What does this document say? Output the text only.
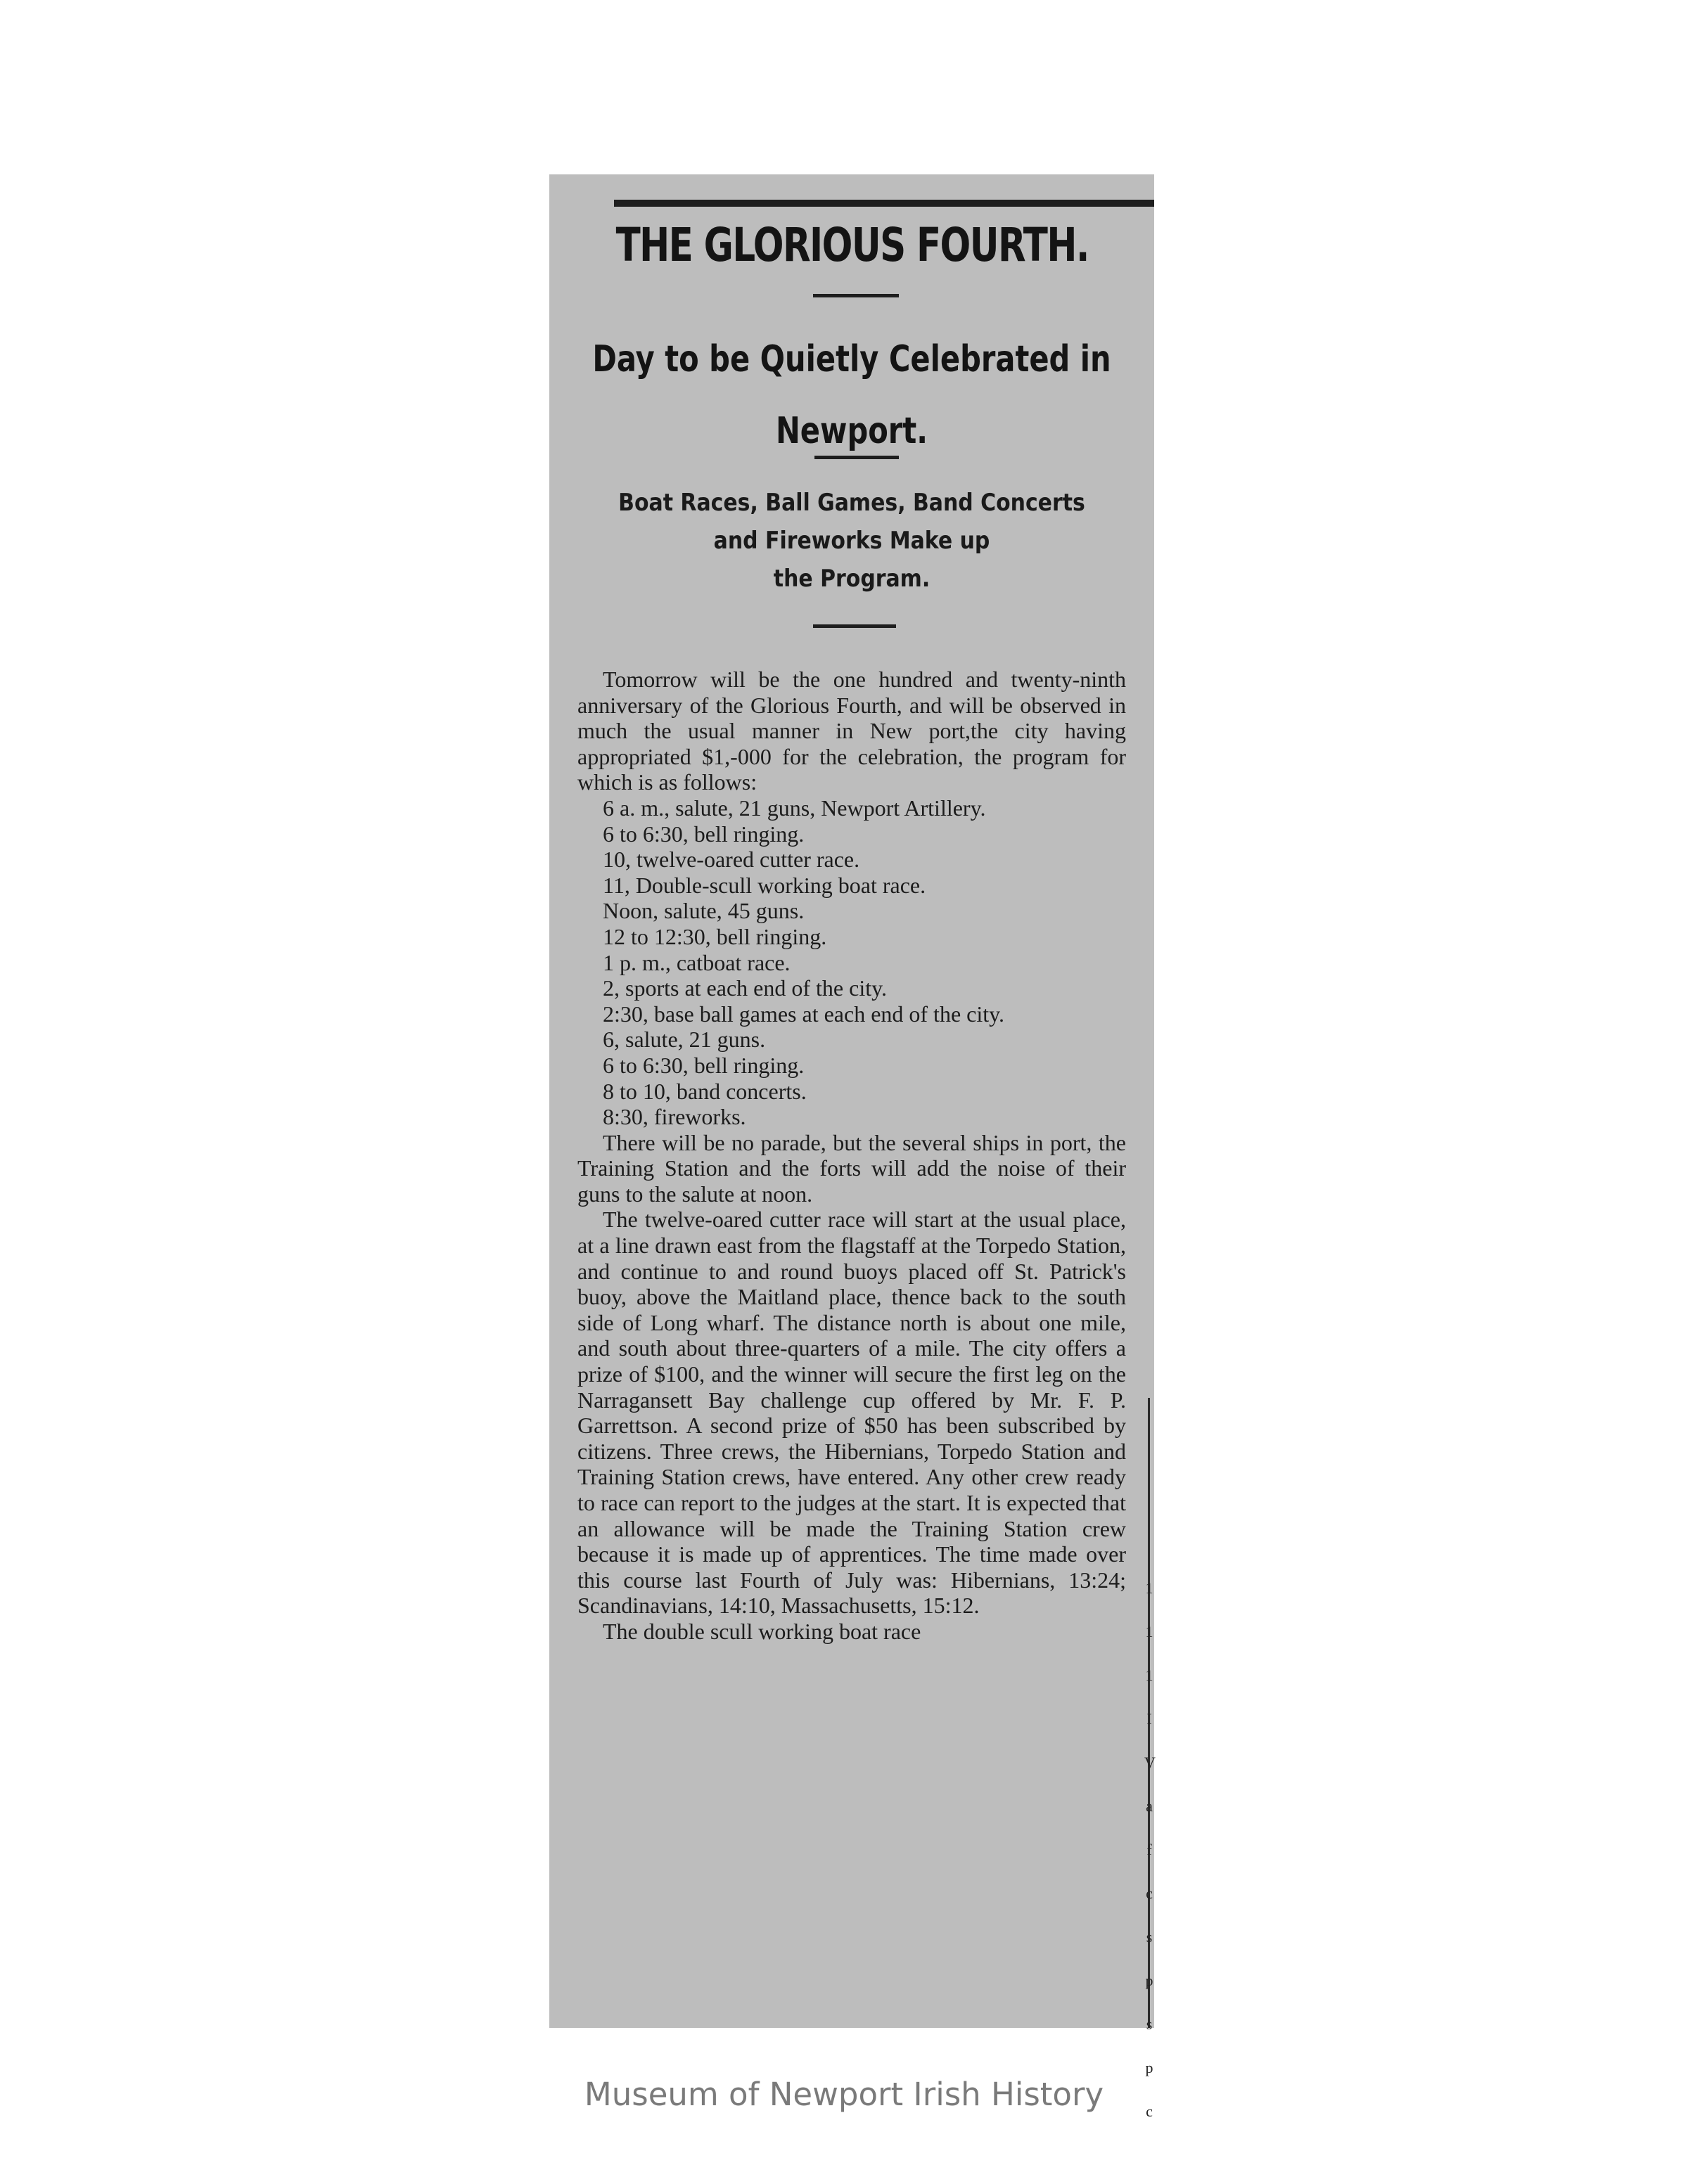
THE GLORIOUS FOURTH.
Day to be Quietly Celebrated in Newport.
Boat Races, Ball Games, Band Concerts
and Fireworks Make up
the Program.

Tomorrow will be the one hundred and twenty-ninth anniversary of the Glorious Fourth, and will be observed in much the usual manner in New port,the city having appropriated $1,-000 for the celebration, the program for which is as follows:

6 a. m., salute, 21 guns, Newport Artillery.
6 to 6:30, bell ringing.
10, twelve-oared cutter race.
11, Double-scull working boat race.
Noon, salute, 45 guns.
12 to 12:30, bell ringing.
1 p. m., catboat race.
2, sports at each end of the city.
2:30, base ball games at each end of the city.
6, salute, 21 guns.
6 to 6:30, bell ringing.
8 to 10, band concerts.
8:30, fireworks.

There will be no parade, but the several ships in port, the Training Station and the forts will add the noise of their guns to the salute at noon.

The twelve-oared cutter race will start at the usual place, at a line drawn east from the flagstaff at the Torpedo Station, and continue to and round buoys placed off St. Patrick's buoy, above the Maitland place, thence back to the south side of Long wharf. The distance north is about one mile, and south about three-quarters of a mile. The city offers a prize of $100, and the winner will secure the first leg on the Narragansett Bay challenge cup offered by Mr. F. P. Garrettson. A second prize of $50 has been subscribed by citizens. Three crews, the Hibernians, Torpedo Station and Training Station crews, have entered. Any other crew ready to race can report to the judges at the start. It is expected that an allowance will be made the Training Station crew because it is made up of apprentices. The time made over this course last Fourth of July was: Hibernians, 13:24; Scandinavians, 14:10, Massachusetts, 15:12.

The double scull working boat race

1
1
1
I
V
a
f
c
s
p
s
p
c
Museum of Newport Irish History
